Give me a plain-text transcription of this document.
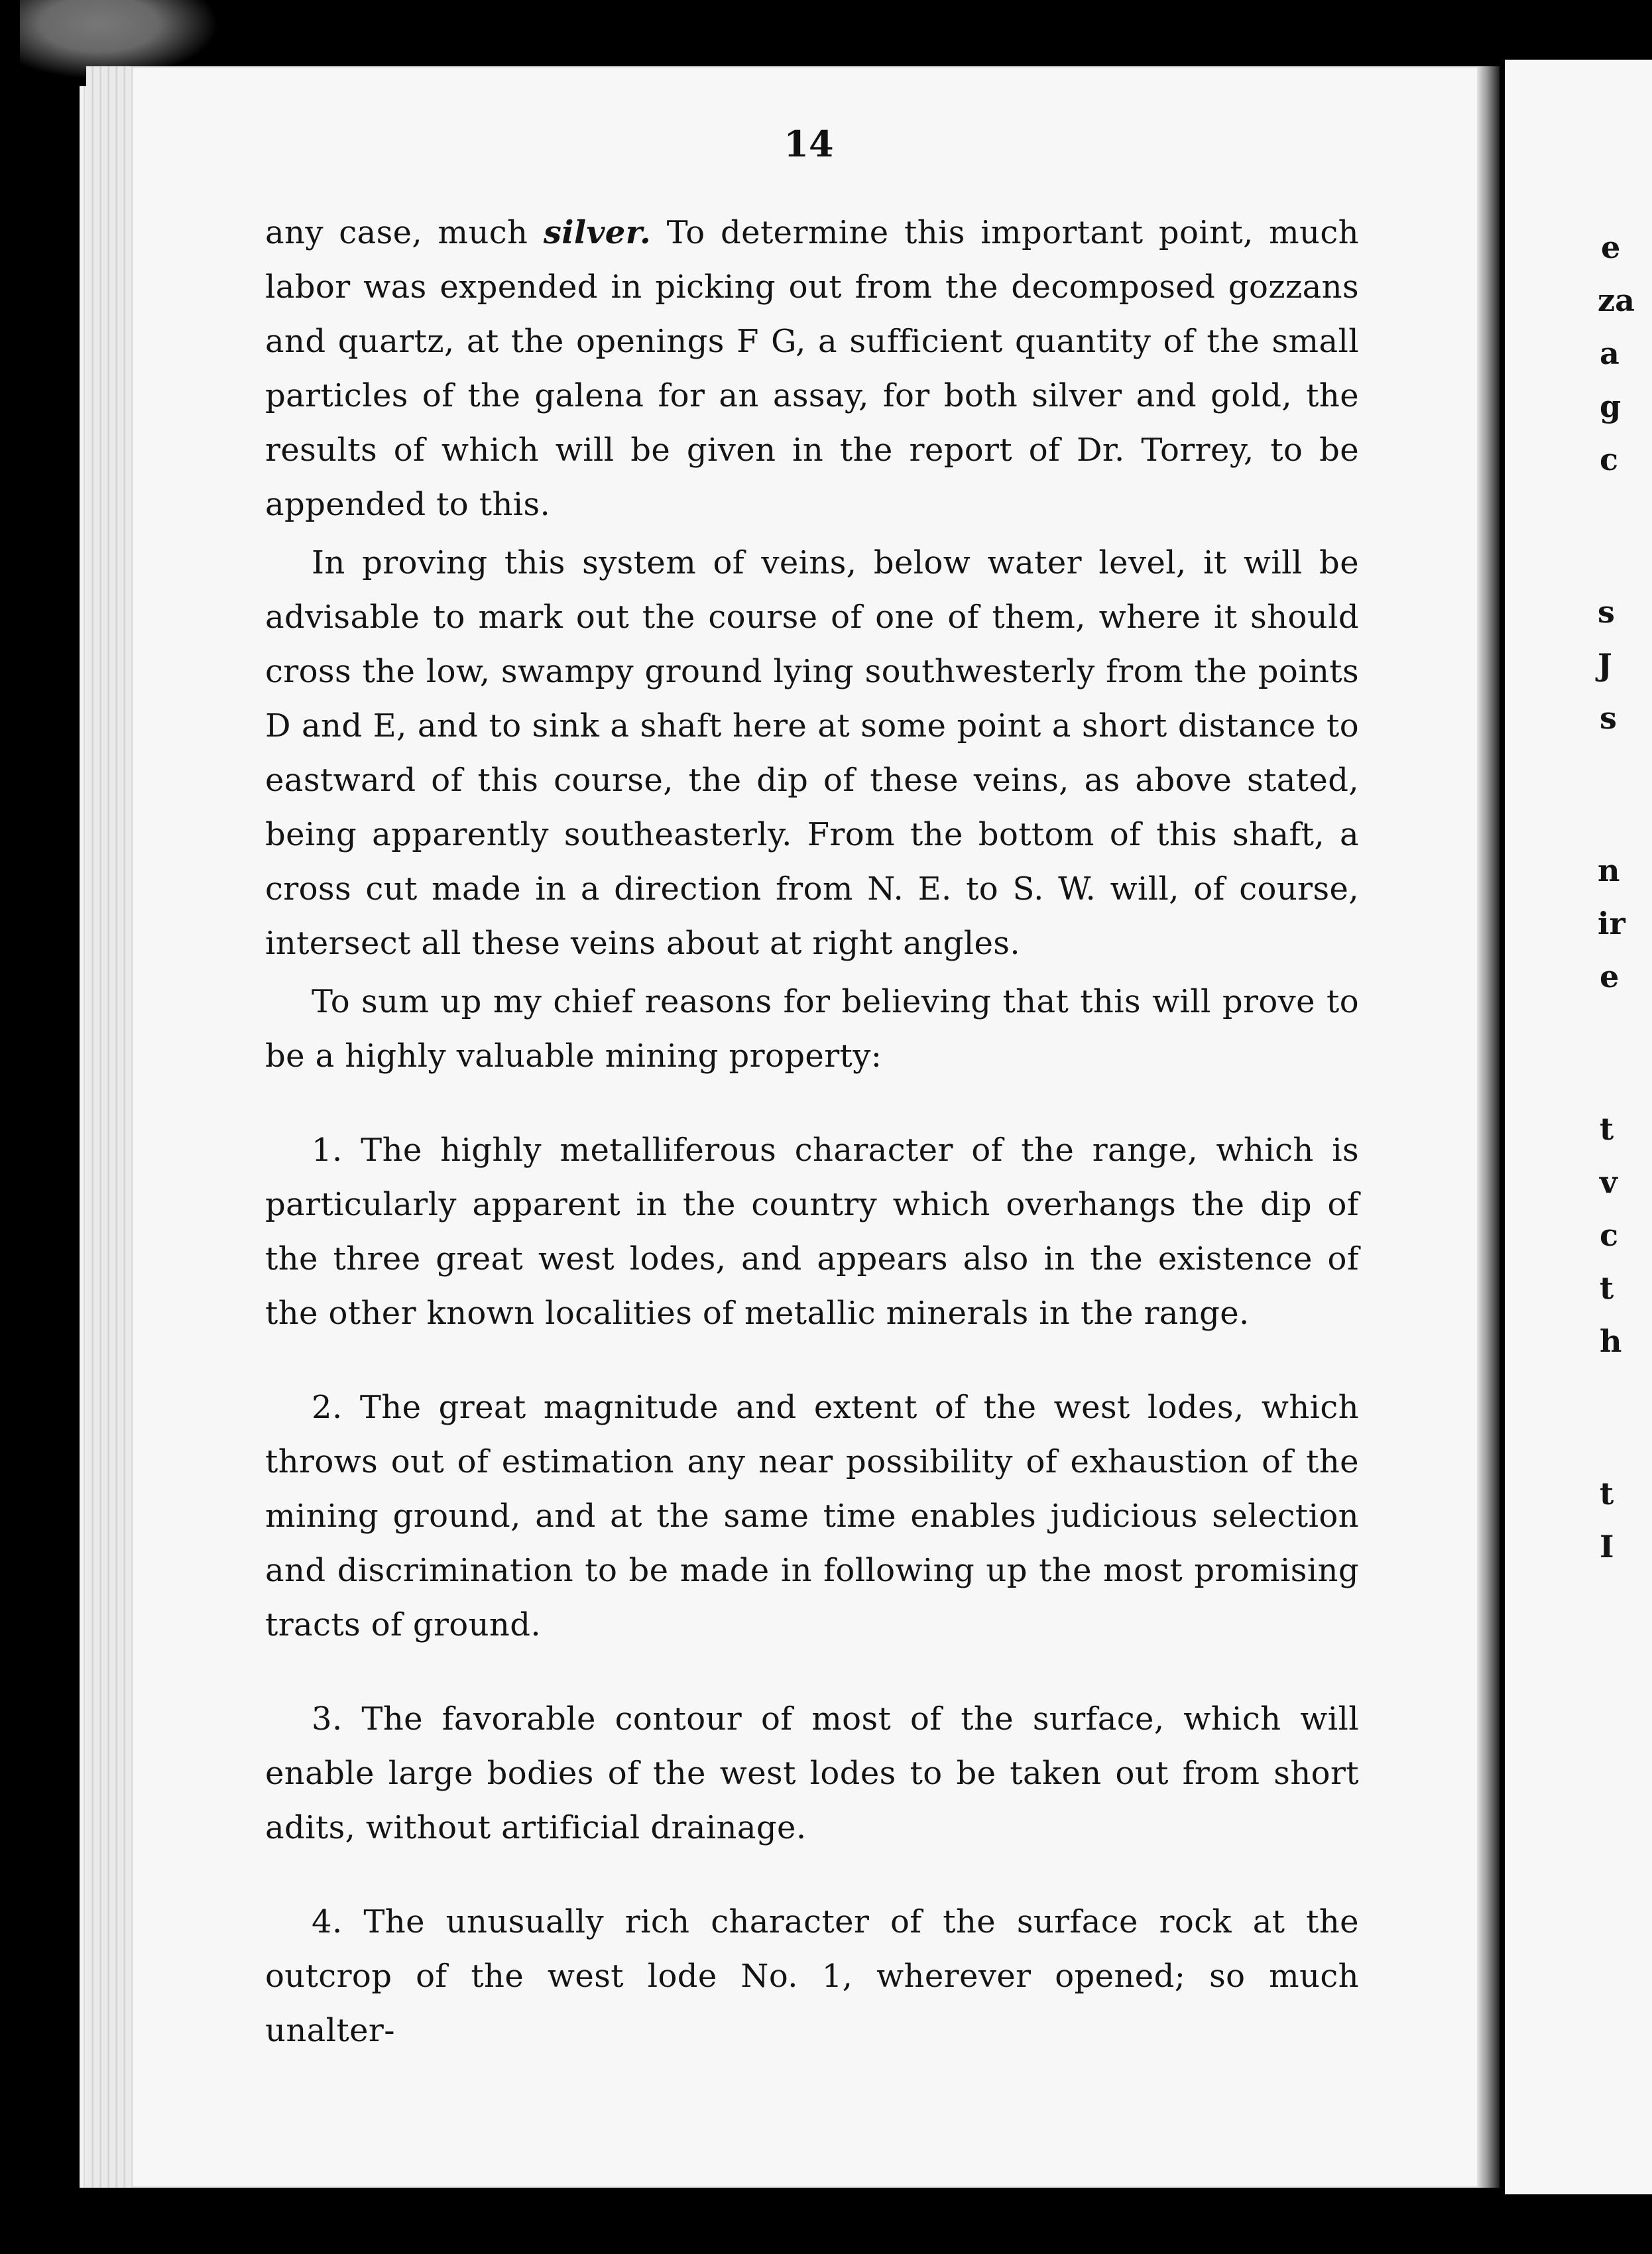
e
za
a
g
c
s
J
s
n
ir
e
t
v
c
t
h
t
I
14

any case, much silver. To determine this important point, much labor was expended in picking out from the decomposed gozzans and quartz, at the openings F G, a sufficient quantity of the small particles of the galena for an assay, for both silver and gold, the results of which will be given in the report of Dr. Torrey, to be appended to this.

In proving this system of veins, below water level, it will be advisable to mark out the course of one of them, where it should cross the low, swampy ground lying southwesterly from the points D and E, and to sink a shaft here at some point a short distance to eastward of this course, the dip of these veins, as above stated, being apparently southeasterly. From the bottom of this shaft, a cross cut made in a direction from N. E. to S. W. will, of course, intersect all these veins about at right angles.

To sum up my chief reasons for believing that this will prove to be a highly valuable mining property:

1. The highly metalliferous character of the range, which is particularly apparent in the country which overhangs the dip of the three great west lodes, and appears also in the existence of the other known localities of metallic minerals in the range.

2. The great magnitude and extent of the west lodes, which throws out of estimation any near possibility of exhaustion of the mining ground, and at the same time enables judicious selection and discrimination to be made in following up the most promising tracts of ground.

3. The favorable contour of most of the surface, which will enable large bodies of the west lodes to be taken out from short adits, without artificial drainage.

4. The unusually rich character of the surface rock at the outcrop of the west lode No. 1, wherever opened; so much unalter-
